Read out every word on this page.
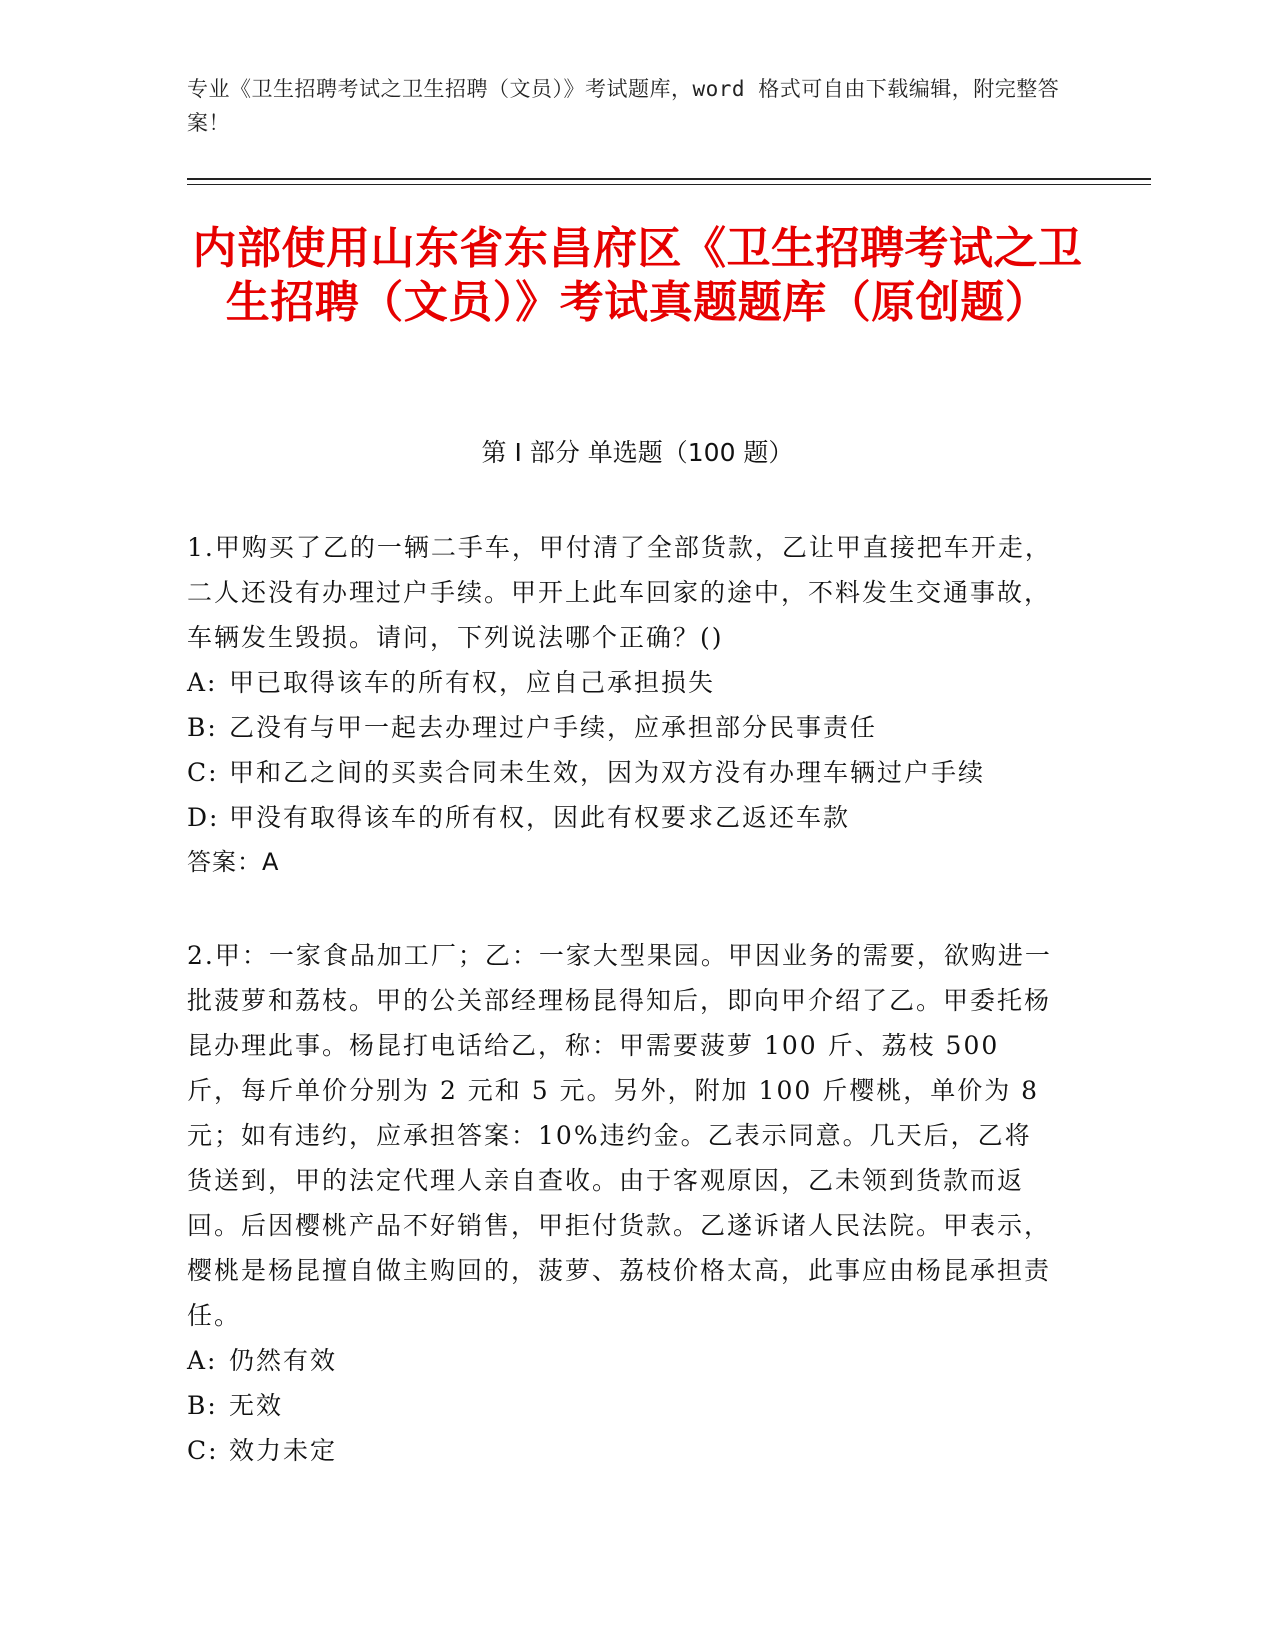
专业《卫生招聘考试之卫生招聘（文员）》考试题库，word 格式可自由下载编辑，附完整答案！
内部使用山东省东昌府区《卫生招聘考试之卫生招聘（文员）》考试真题题库（原创题）
第 I 部分 单选题（100 题）

1.甲购买了乙的一辆二手车，甲付清了全部货款，乙让甲直接把车开走，二人还没有办理过户手续。甲开上此车回家的途中，不料发生交通事故，车辆发生毁损。请问，下列说法哪个正确？()

A: 甲已取得该车的所有权，应自己承担损失

B: 乙没有与甲一起去办理过户手续，应承担部分民事责任

C: 甲和乙之间的买卖合同未生效，因为双方没有办理车辆过户手续

D: 甲没有取得该车的所有权，因此有权要求乙返还车款

答案：A

2.甲：一家食品加工厂；乙：一家大型果园。甲因业务的需要，欲购进一批菠萝和荔枝。甲的公关部经理杨昆得知后，即向甲介绍了乙。甲委托杨昆办理此事。杨昆打电话给乙，称：甲需要菠萝 100 斤、荔枝 500 斤，每斤单价分别为 2 元和 5 元。另外，附加 100 斤樱桃，单价为 8 元；如有违约，应承担答案：10%违约金。乙表示同意。几天后，乙将货送到，甲的法定代理人亲自查收。由于客观原因，乙未领到货款而返回。后因樱桃产品不好销售，甲拒付货款。乙遂诉诸人民法院。甲表示，樱桃是杨昆擅自做主购回的，菠萝、荔枝价格太高，此事应由杨昆承担责任。

A: 仍然有效

B: 无效

C: 效力未定
